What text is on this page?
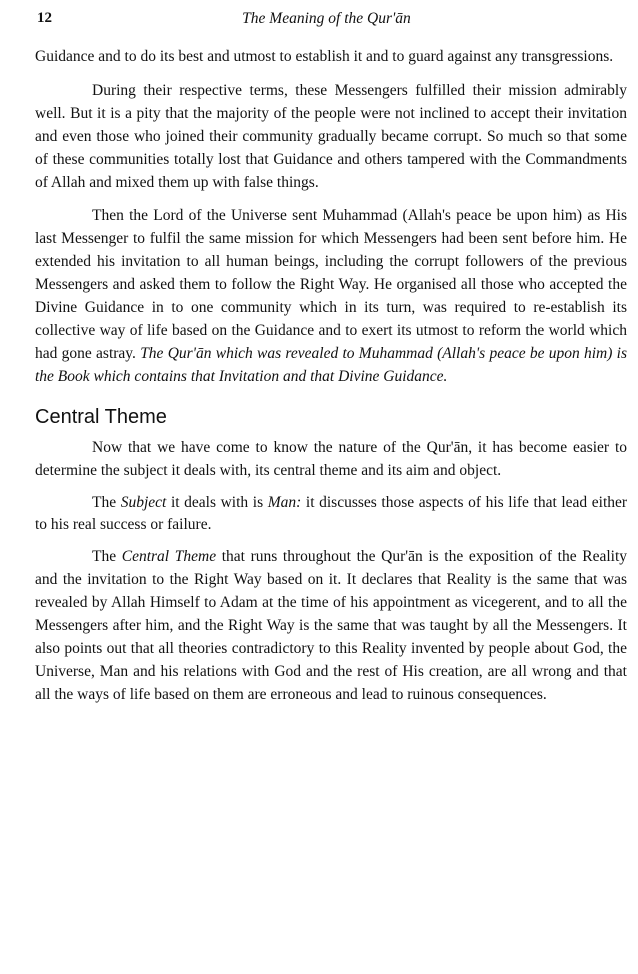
12	The Meaning of the Qur'ān

Guidance and to do its best and utmost to establish it and to guard against any transgressions.

During their respective terms, these Messengers fulfilled their mission admirably well. But it is a pity that the majority of the people were not inclined to accept their invitation and even those who joined their community gradually became corrupt. So much so that some of these communities totally lost that Guidance and others tampered with the Commandments of Allah and mixed them up with false things.

Then the Lord of the Universe sent Muhammad (Allah's peace be upon him) as His last Messenger to fulfil the same mission for which Messengers had been sent before him. He extended his invitation to all human beings, including the corrupt followers of the previous Messengers and asked them to follow the Right Way. He organised all those who accepted the Divine Guidance in to one community which in its turn, was required to re-establish its collective way of life based on the Guidance and to exert its utmost to reform the world which had gone astray. The Qur'ān which was revealed to Muhammad (Allah's peace be upon him) is the Book which contains that Invitation and that Divine Guidance.

Central Theme

Now that we have come to know the nature of the Qur'ān, it has become easier to determine the subject it deals with, its central theme and its aim and object.

The Subject it deals with is Man: it discusses those aspects of his life that lead either to his real success or failure.

The Central Theme that runs throughout the Qur'ān is the exposition of the Reality and the invitation to the Right Way based on it. It declares that Reality is the same that was revealed by Allah Himself to Adam at the time of his appointment as vicegerent, and to all the Messengers after him, and the Right Way is the same that was taught by all the Messengers. It also points out that all theories contradictory to this Reality invented by people about God, the Universe, Man and his relations with God and the rest of His creation, are all wrong and that all the ways of life based on them are erroneous and lead to ruinous consequences.
